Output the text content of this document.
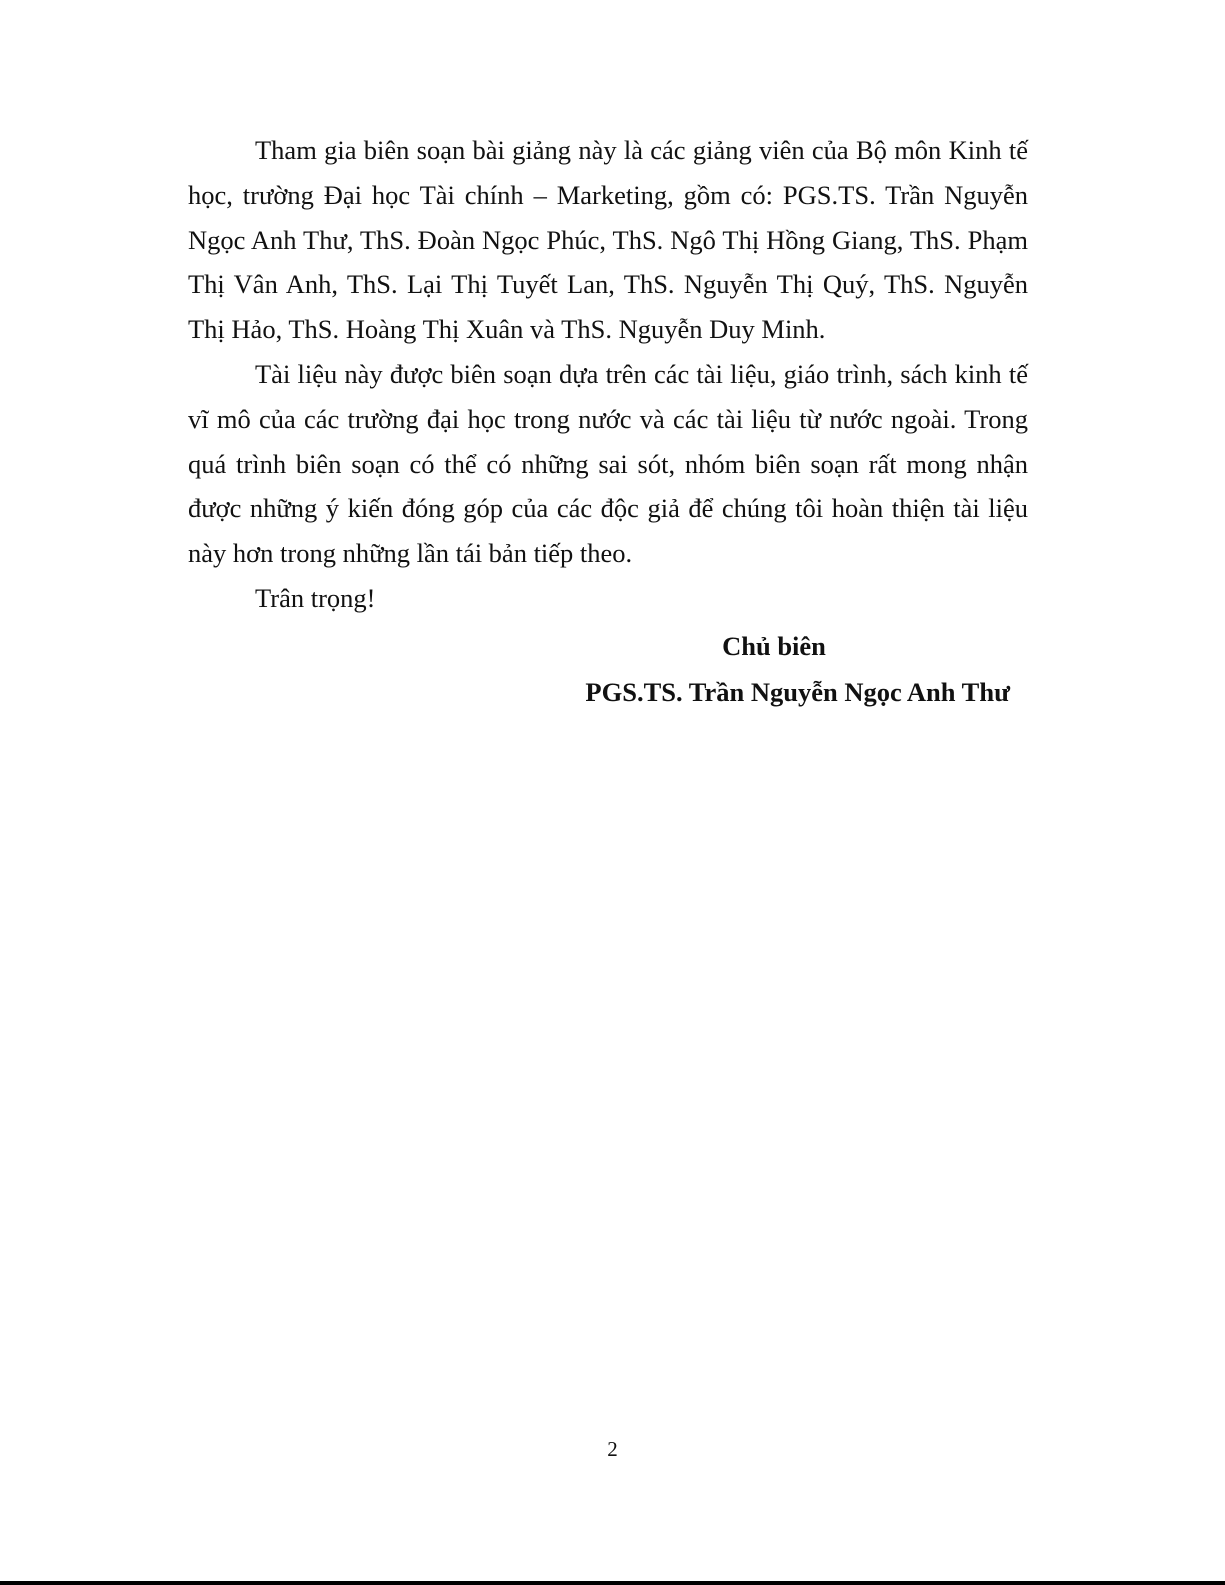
Tham gia biên soạn bài giảng này là các giảng viên của Bộ môn Kinh tế học, trường Đại học Tài chính – Marketing, gồm có: PGS.TS. Trần Nguyễn Ngọc Anh Thư, ThS. Đoàn Ngọc Phúc, ThS. Ngô Thị Hồng Giang, ThS. Phạm Thị Vân Anh, ThS. Lại Thị Tuyết Lan, ThS. Nguyễn Thị Quý, ThS. Nguyễn Thị Hảo, ThS. Hoàng Thị Xuân và ThS. Nguyễn Duy Minh.

Tài liệu này được biên soạn dựa trên các tài liệu, giáo trình, sách kinh tế vĩ mô của các trường đại học trong nước và các tài liệu từ nước ngoài. Trong quá trình biên soạn có thể có những sai sót, nhóm biên soạn rất mong nhận được những ý kiến đóng góp của các độc giả để chúng tôi hoàn thiện tài liệu này hơn trong những lần tái bản tiếp theo.

Trân trọng!

Chủ biên
PGS.TS. Trần Nguyễn Ngọc Anh Thư
2
